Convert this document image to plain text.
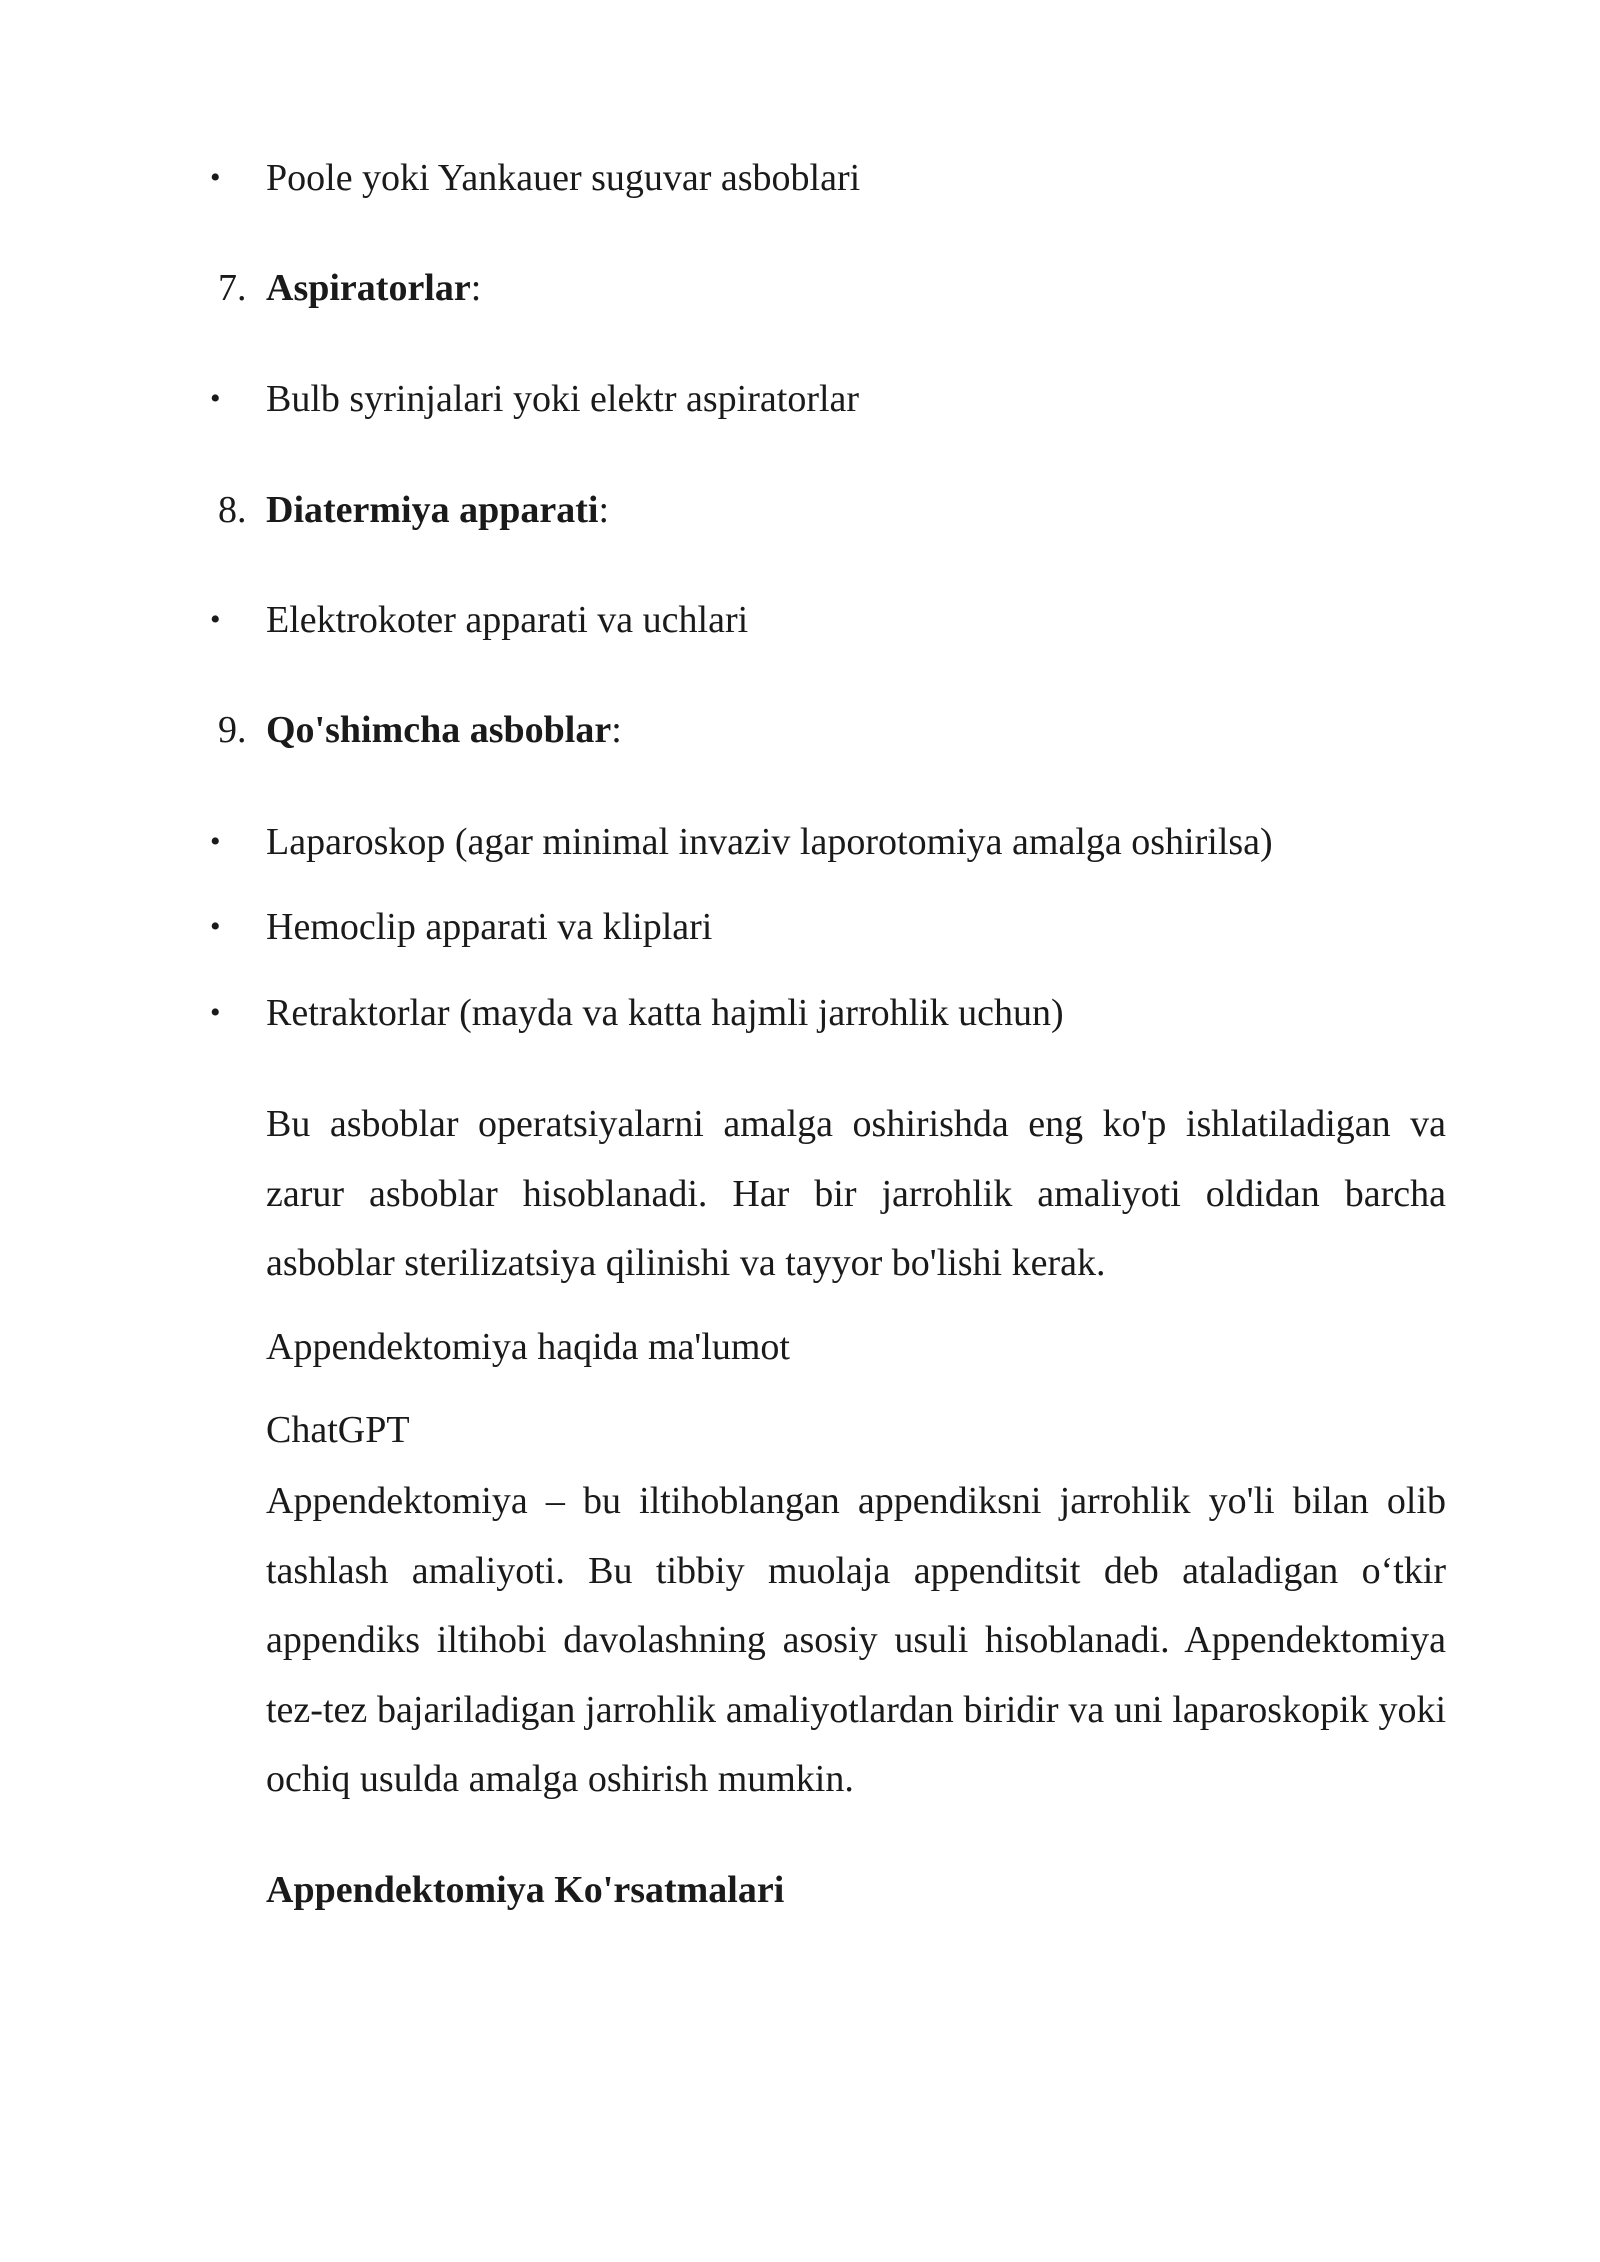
• Poole yoki Yankauer suguvar asboblari
7. Aspiratorlar:
• Bulb syrinjalari yoki elektr aspiratorlar
8. Diatermiya apparati:
• Elektrokoter apparati va uchlari
9. Qo'shimcha asboblar:
• Laparoskop (agar minimal invaziv laporotomiya amalga oshirilsa)
• Hemoclip apparati va kliplari
• Retraktorlar (mayda va katta hajmli jarrohlik uchun)

Bu asboblar operatsiyalarni amalga oshirishda eng ko'p ishlatiladigan va zarur asboblar hisoblanadi. Har bir jarrohlik amaliyoti oldidan barcha asboblar sterilizatsiya qilinishi va tayyor bo'lishi kerak.

Appendektomiya haqida ma'lumot

ChatGPT

Appendektomiya – bu iltihoblangan appendiksni jarrohlik yo'li bilan olib tashlash amaliyoti. Bu tibbiy muolaja appenditsit deb ataladigan o‘tkir appendiks iltihobi davolashning asosiy usuli hisoblanadi. Appendektomiya tez-tez bajariladigan jarrohlik amaliyotlardan biridir va uni laparoskopik yoki ochiq usulda amalga oshirish mumkin.

Appendektomiya Ko'rsatmalari
